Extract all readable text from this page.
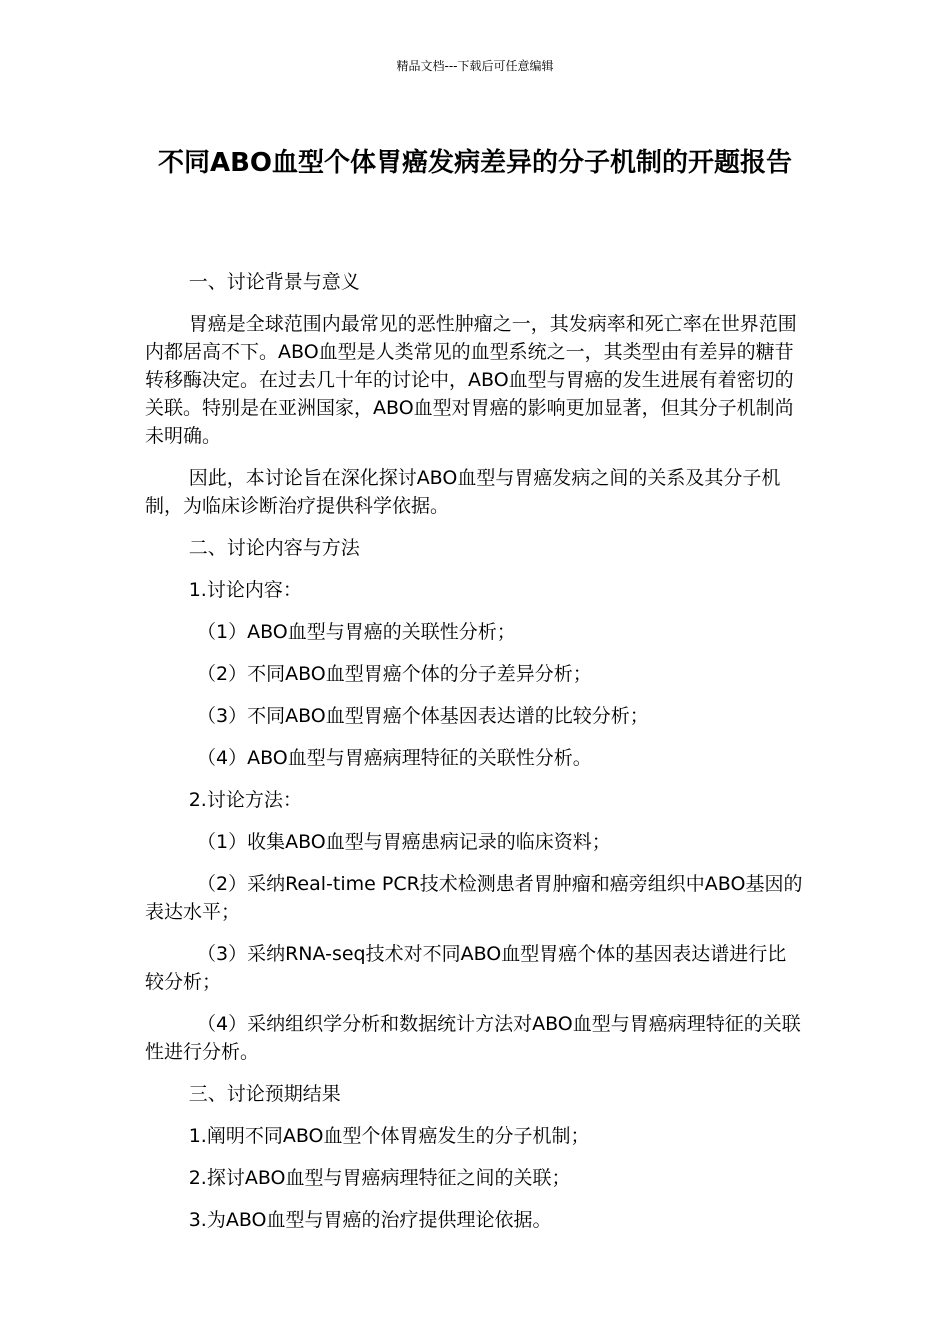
精品文档---下载后可任意编辑
不同ABO血型个体胃癌发病差异的分子机制的开题报告

一、讨论背景与意义

胃癌是全球范围内最常见的恶性肿瘤之一，其发病率和死亡率在世界范围内都居高不下。ABO血型是人类常见的血型系统之一，其类型由有差异的糖苷转移酶决定。在过去几十年的讨论中，ABO血型与胃癌的发生进展有着密切的关联。特别是在亚洲国家，ABO血型对胃癌的影响更加显著，但其分子机制尚未明确。

因此，本讨论旨在深化探讨ABO血型与胃癌发病之间的关系及其分子机制，为临床诊断治疗提供科学依据。

二、讨论内容与方法

1.讨论内容：

（1）ABO血型与胃癌的关联性分析；

（2）不同ABO血型胃癌个体的分子差异分析；

（3）不同ABO血型胃癌个体基因表达谱的比较分析；

（4）ABO血型与胃癌病理特征的关联性分析。

2.讨论方法：

（1）收集ABO血型与胃癌患病记录的临床资料；

（2）采纳Real-time PCR技术检测患者胃肿瘤和癌旁组织中ABO基因的表达水平；

（3）采纳RNA-seq技术对不同ABO血型胃癌个体的基因表达谱进行比较分析；

（4）采纳组织学分析和数据统计方法对ABO血型与胃癌病理特征的关联性进行分析。

三、讨论预期结果

1.阐明不同ABO血型个体胃癌发生的分子机制；

2.探讨ABO血型与胃癌病理特征之间的关联；

3.为ABO血型与胃癌的治疗提供理论依据。
